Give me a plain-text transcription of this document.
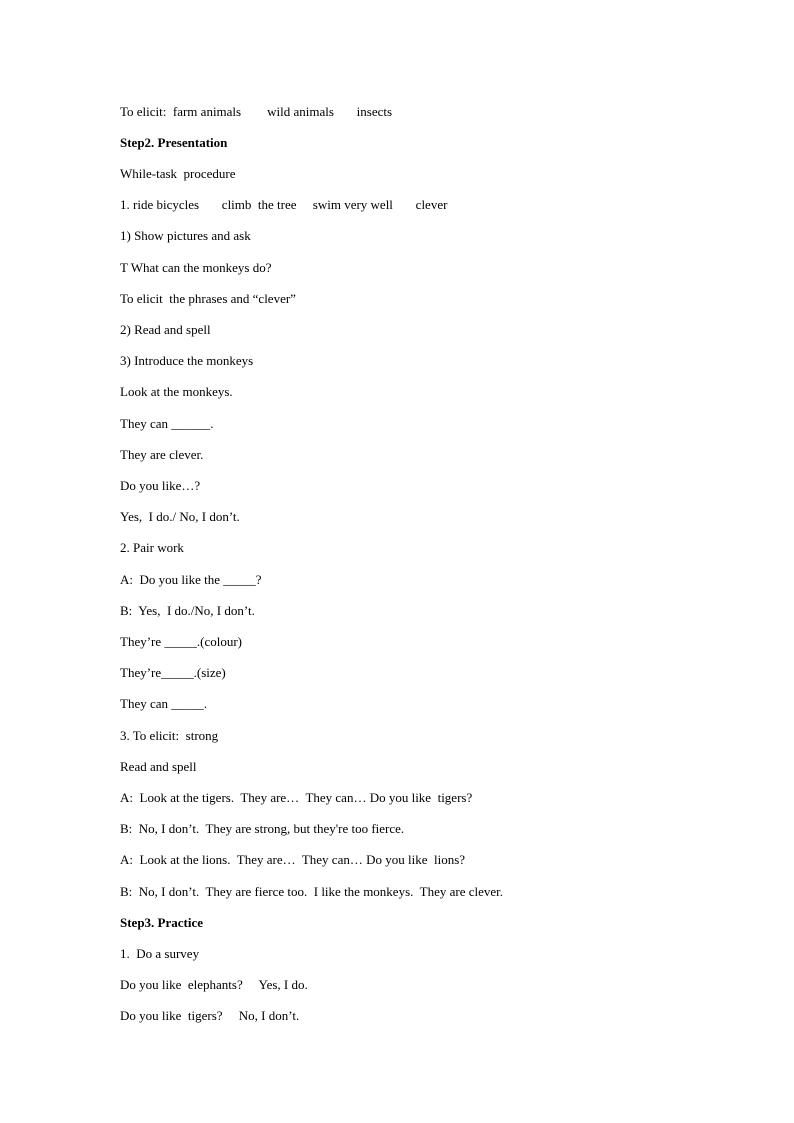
To elicit:  farm animals        wild animals       insects
Step2. Presentation
While-task  procedure
1. ride bicycles       climb  the tree     swim very well       clever
1) Show pictures and ask
T What can the monkeys do?
To elicit  the phrases and “clever”
2) Read and spell
3) Introduce the monkeys
Look at the monkeys.
They can ______.
They are clever.
Do you like…?
Yes,  I do./ No, I don’t.
2. Pair work
A:  Do you like the _____?
B:  Yes,  I do./No, I don’t.
They’re _____.(colour)
They’re_____.(size)
They can _____.
3. To elicit:  strong
Read and spell
A:  Look at the tigers.  They are…  They can… Do you like  tigers?
B:  No, I don’t.  They are strong, but they're too fierce.
A:  Look at the lions.  They are…  They can… Do you like  lions?
B:  No, I don’t.  They are fierce too.  I like the monkeys.  They are clever.
Step3. Practice
1.  Do a survey
Do you like  elephants?     Yes, I do.
Do you like  tigers?     No, I don’t.
